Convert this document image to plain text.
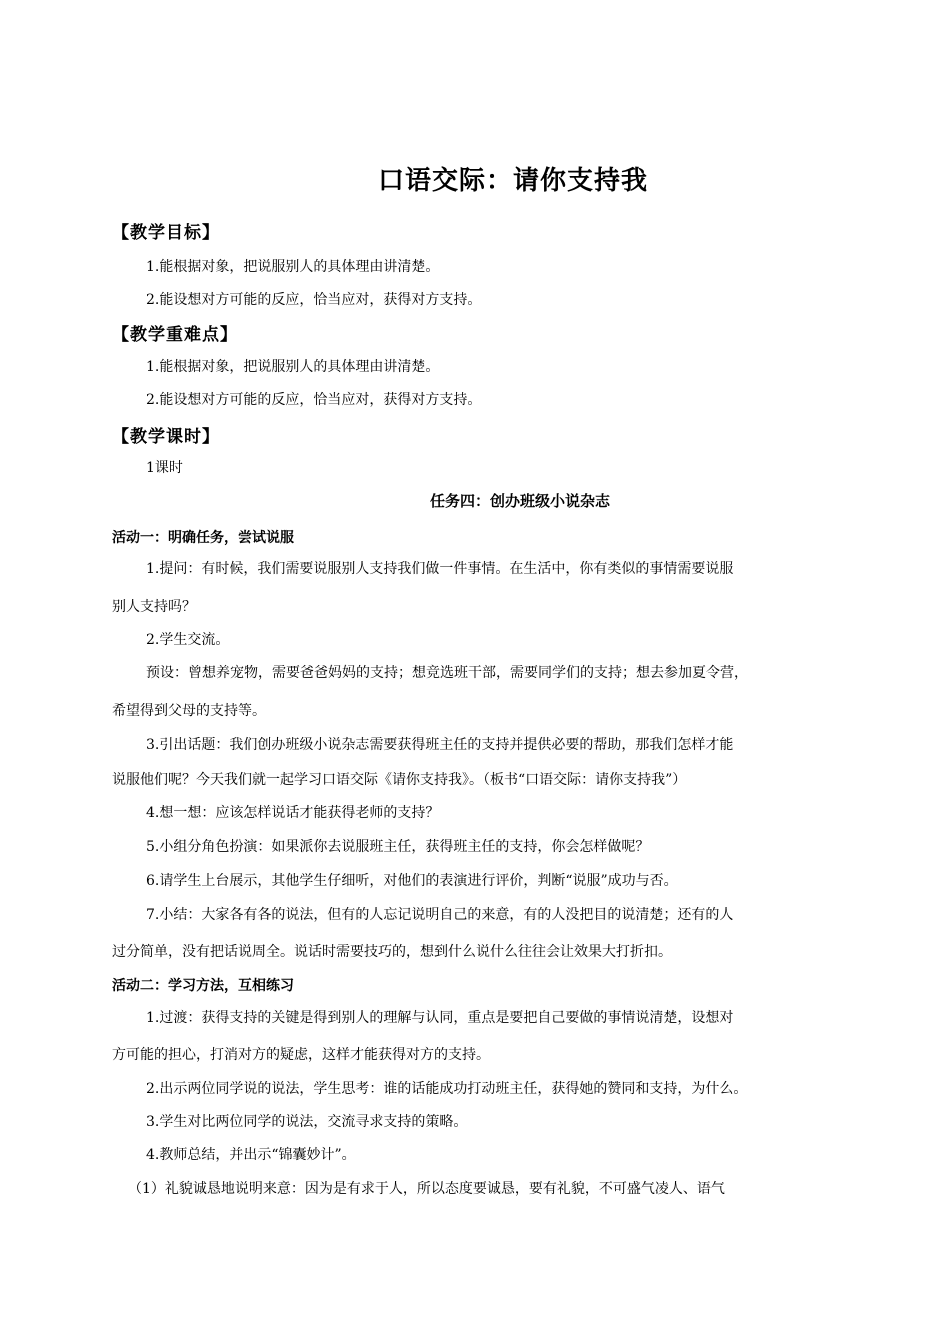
口语交际：请你支持我
【教学目标】
1.能根据对象，把说服别人的具体理由讲清楚。
2.能设想对方可能的反应，恰当应对，获得对方支持。
【教学重难点】
1.能根据对象，把说服别人的具体理由讲清楚。
2.能设想对方可能的反应，恰当应对，获得对方支持。
【教学课时】
1课时
任务四：创办班级小说杂志
活动一：明确任务，尝试说服
1.提问：有时候，我们需要说服别人支持我们做一件事情。在生活中，你有类似的事情需要说服
别人支持吗？
2.学生交流。
预设：曾想养宠物，需要爸爸妈妈的支持；想竞选班干部，需要同学们的支持；想去参加夏令营，
希望得到父母的支持等。
3.引出话题：我们创办班级小说杂志需要获得班主任的支持并提供必要的帮助，那我们怎样才能
说服他们呢？今天我们就一起学习口语交际《请你支持我》。（板书“口语交际：请你支持我”）
4.想一想：应该怎样说话才能获得老师的支持？
5.小组分角色扮演：如果派你去说服班主任，获得班主任的支持，你会怎样做呢？
6.请学生上台展示，其他学生仔细听，对他们的表演进行评价，判断“说服”成功与否。
7.小结：大家各有各的说法，但有的人忘记说明自己的来意，有的人没把目的说清楚；还有的人
过分简单，没有把话说周全。说话时需要技巧的，想到什么说什么往往会让效果大打折扣。
活动二：学习方法，互相练习
1.过渡：获得支持的关键是得到别人的理解与认同，重点是要把自己要做的事情说清楚，设想对
方可能的担心，打消对方的疑虑，这样才能获得对方的支持。
2.出示两位同学说的说法，学生思考：谁的话能成功打动班主任，获得她的赞同和支持，为什么。
3.学生对比两位同学的说法，交流寻求支持的策略。
4.教师总结，并出示“锦囊妙计”。
（1）礼貌诚恳地说明来意：因为是有求于人，所以态度要诚恳，要有礼貌，不可盛气凌人、语气
